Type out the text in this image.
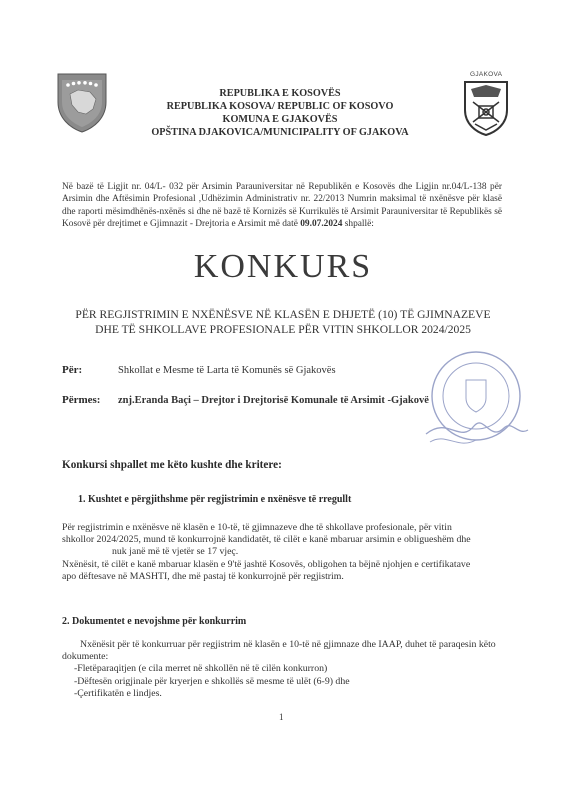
REPUBLIKA E KOSOVËS
REPUBLIKA KOSOVA/ REPUBLIC OF KOSOVO
KOMUNA E GJAKOVËS
OPŠTINA DJAKOVICA/MUNICIPALITY OF GJAKOVA
GJAKOVA
Në bazë të Ligjit nr. 04/L- 032 për Arsimin Parauniversitar në Republikën e Kosovës dhe Ligjin nr.04/L-138 për Arsimin dhe Aftësimin Profesional ,Udhëzimin Administrativ nr. 22/2013 Numrin maksimal të nxënësve për klasë dhe raporti mësimdhënës-nxënës si dhe në bazë të Kornizës së Kurrikulës të Arsimit Parauniversitar të Republikës së Kosovë për drejtimet e Gjimnazit - Drejtoria e Arsimit më datë 09.07.2024 shpallë:
KONKURS
PËR REGJISTRIMIN E NXËNËSVE NË KLASËN E DHJETË (10) TË GJIMNAZEVE
DHE TË SHKOLLAVE PROFESIONALE PËR VITIN SHKOLLOR 2024/2025
Për:	Shkollat e Mesme të Larta të Komunës së Gjakovës
Përmes: znj.Eranda Baçi – Drejtor i Drejtorisë Komunale të Arsimit -Gjakovë
Konkursi shpallet me këto kushte dhe kritere:
1. Kushtet e përgjithshme për regjistrimin e nxënësve të rregullt
Për regjistrimin e nxënësve në klasën e 10-të, të gjimnazeve dhe të shkollave profesionale, për vitin
shkollor 2024/2025, mund të konkurrojnë kandidatët, të cilët e kanë mbaruar arsimin e obligueshëm dhe
nuk janë më të vjetër se 17 vjeç.
Nxënësit, të cilët e kanë mbaruar klasën e 9'të jashtë Kosovës, obligohen ta bëjnë njohjen e certifikatave
apo dëftesave në MASHTI, dhe më pastaj të konkurrojnë për regjistrim.
2. Dokumentet e nevojshme për konkurrim
Nxënësit për të konkurruar për regjistrim në klasën e 10-të në gjimnaze dhe IAAP, duhet të paraqesin këto
dokumente:
-Fletëparaqitjen (e cila merret në shkollën në të cilën konkurron)
-Dëftesën origjinale për kryerjen e shkollës së mesme të ulët (6-9) dhe
-Çertifikatën e lindjes.
1
